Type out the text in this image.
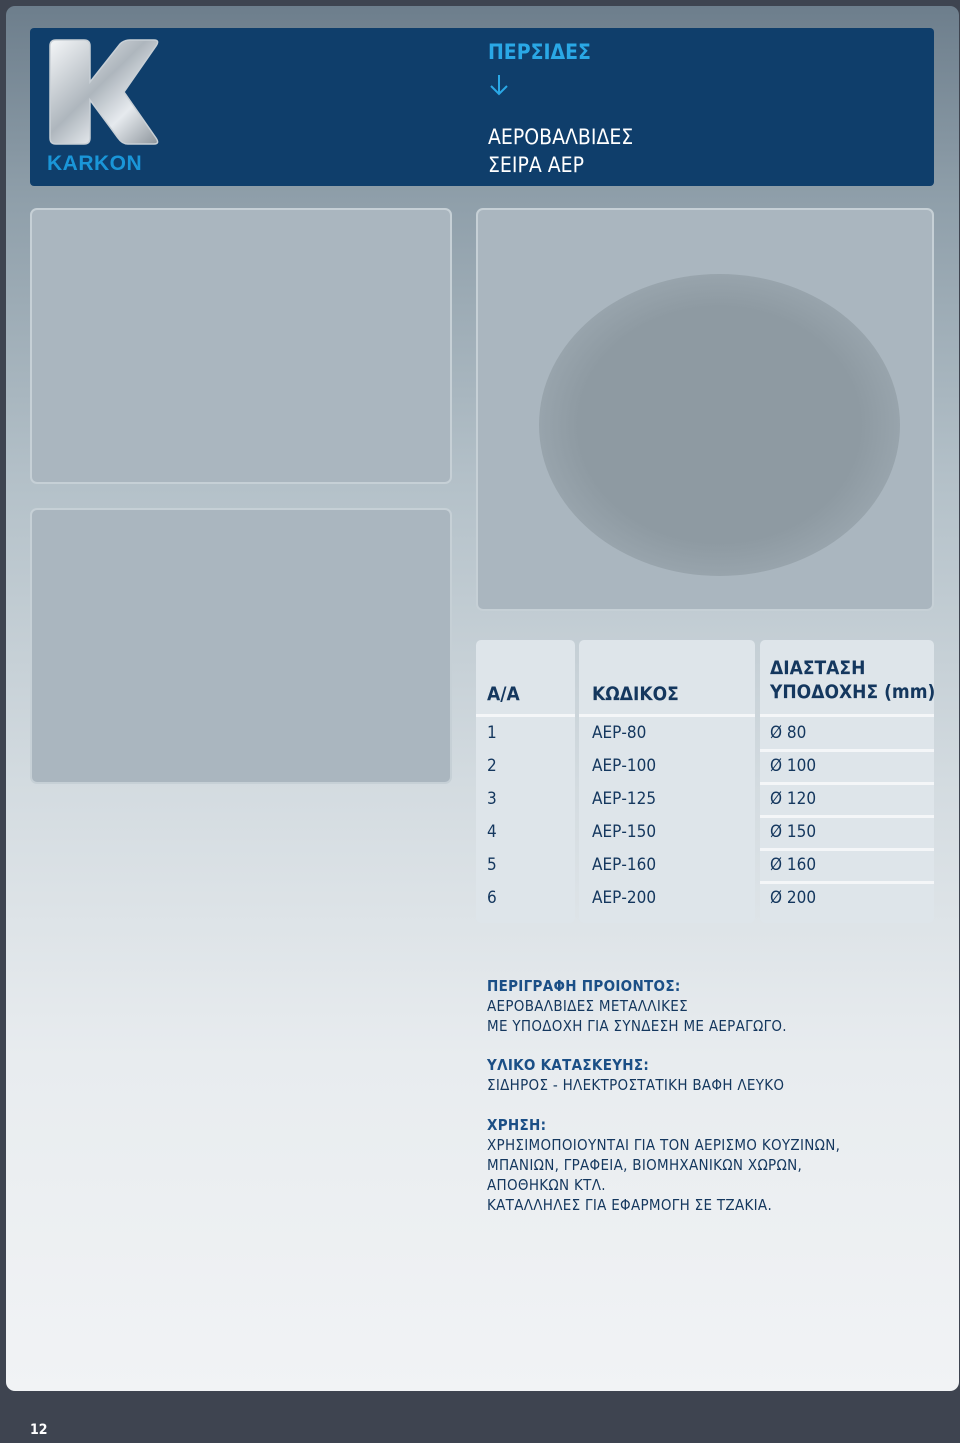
KARKON
ΠΕΡΣΙΔΕΣ
ΑΕΡΟΒΑΛΒΙΔΕΣ
ΣΕΙΡΑ ΑΕΡ
Α/Α	ΚΩΔΙΚΟΣ
ΔΙΑΣΤΑΣΗ
ΥΠΟΔΟΧΗΣ (mm)
1	ΑΕΡ-80	Ø 80
2	ΑΕΡ-100	Ø 100
3	ΑΕΡ-125	Ø 120
4	ΑΕΡ-150	Ø 150
5	ΑΕΡ-160	Ø 160
6	ΑΕΡ-200	Ø 200
ΠΕΡΙΓΡΑΦΗ ΠΡΟΙΟΝΤΟΣ:
ΑΕΡΟΒΑΛΒΙΔΕΣ ΜΕΤΑΛΛΙΚΕΣ
ΜΕ ΥΠΟΔΟΧΗ ΓΙΑ ΣΥΝΔΕΣΗ ΜΕ ΑΕΡΑΓΩΓΟ.
ΥΛΙΚΟ ΚΑΤΑΣΚΕΥΗΣ:
ΣΙΔΗΡΟΣ - ΗΛΕΚΤΡΟΣΤΑΤΙΚΗ ΒΑΦΗ ΛΕΥΚΟ
ΧΡΗΣΗ:
ΧΡΗΣΙΜΟΠΟΙΟΥΝΤΑΙ ΓΙΑ ΤΟΝ ΑΕΡΙΣΜΟ ΚΟΥΖΙΝΩΝ,
ΜΠΑΝΙΩΝ, ΓΡΑΦΕΙΑ, ΒΙΟΜΗΧΑΝΙΚΩΝ ΧΩΡΩΝ,
ΑΠΟΘΗΚΩΝ ΚΤΛ.
ΚΑΤΑΛΛΗΛΕΣ ΓΙΑ ΕΦΑΡΜΟΓΗ ΣΕ ΤΖΑΚΙΑ.
12
